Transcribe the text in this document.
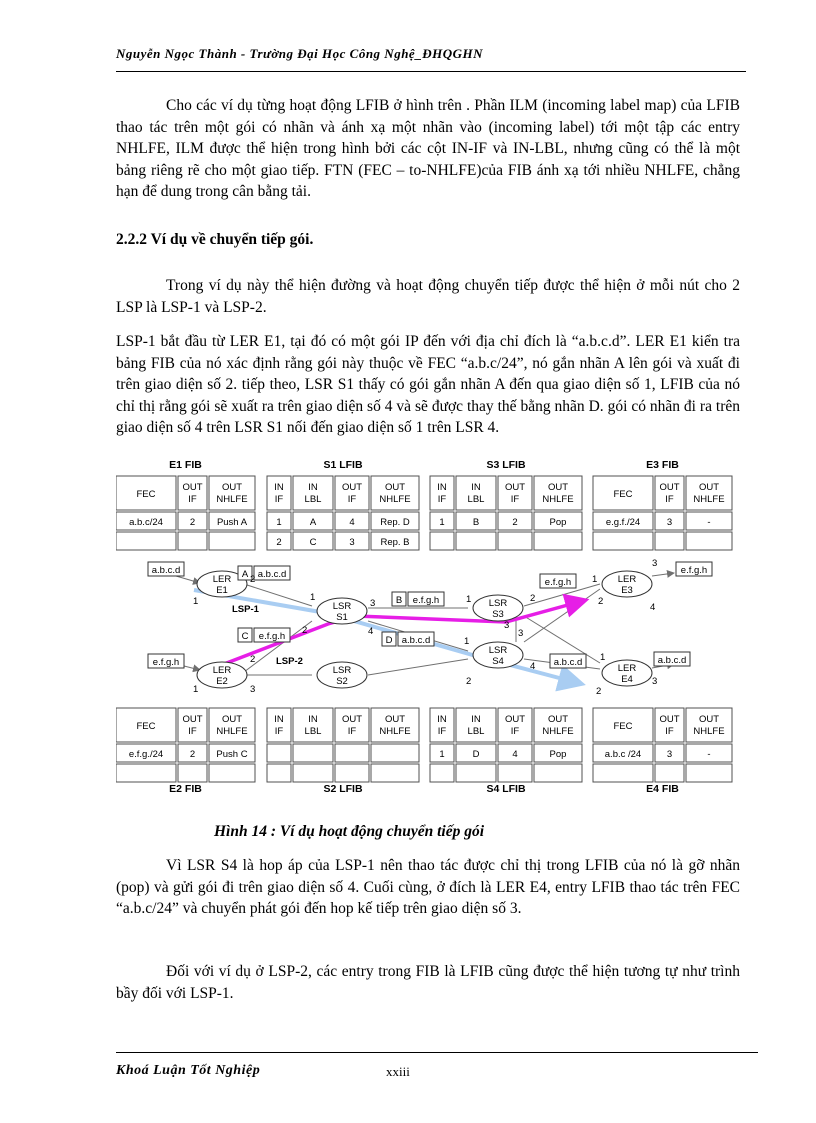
Nguyễn Ngọc Thành - Trường Đại Học Công Nghệ_ĐHQGHN
Cho các ví dụ từng hoạt động LFIB ở hình trên . Phần ILM (incoming label map) của LFIB thao tác trên một gói có nhãn và ánh xạ một nhãn vào (incoming label) tới một tập các entry NHLFE, ILM được thể hiện trong hình bởi các cột IN-IF và IN-LBL, nhưng cũng có thể là một bảng riêng rẽ cho một giao tiếp. FTN (FEC – to-NHLFE)của FIB ánh xạ tới nhiều NHLFE, chẳng hạn để dung trong cân bằng tải.
2.2.2 Ví dụ về chuyển tiếp gói.
Trong ví dụ này thể hiện đường và hoạt động chuyển tiếp được thể hiện ở mỗi nút cho 2 LSP là LSP-1 và LSP-2.
LSP-1 bắt đầu từ LER E1, tại đó có một gói IP đến với địa chỉ đích là “a.b.c.d”. LER E1 kiển tra bảng FIB của nó xác định rằng gói này thuộc về FEC “a.b.c/24”, nó gắn nhãn A lên gói và xuất đi trên giao diện số 2. tiếp theo, LSR S1 thấy có gói gắn nhãn A đến qua giao diện số 1, LFIB của nó chỉ thị rằng gói sẽ xuất ra trên giao diện số 4 và sẽ được thay thế bằng nhãn D. gói có nhãn đi ra trên giao diện số 4 trên LSR S1 nối đến giao diện số 1 trên LSR 4.
E1 FIB
FEC
a.b.c/24
OUT
IF
2
OUT
NHLFE
Push A
S1 LFIB
IN
IF
1
2
IN
LBL
A
C
OUT
IF
4
3
OUT
NHLFE
Rep. D
Rep. B
S3 LFIB
IN
IF
1
IN
LBL
B
OUT
IF
2
OUT
NHLFE
Pop
E3 FIB
FEC
e.g.f./24
OUT
IF
3
OUT
NHLFE
-
E2 FIB
FEC
e.f.g./24
OUT
IF
2
OUT
NHLFE
Push C
S2 LFIB
IN
IF
IN
LBL
OUT
IF
OUT
NHLFE
S4 LFIB
IN
IF
1
IN
LBL
D
OUT
IF
4
OUT
NHLFE
Pop
E4 FIB
FEC
a.b.c /24
OUT
IF
3
OUT
NHLFE
-
LER
E1
LER
E2
LSR
S1
LSR
S2
LSR
S3
LSR
S4
LER
E3
LER
E4
a.b.c.d
e.f.g.h
A a.b.c.d
C e.f.g.h
B e.f.g.h
D a.b.c.d
e.f.g.h
a.b.c.d
e.f.g.h
a.b.c.d
LSP-1
LSP-2
1
2
1
2
3
1
2
3
4
1	2
3
1
2
3
4
1
2
3
4
1
2
3
Hình 14 : Ví dụ hoạt động chuyển tiếp gói
Vì LSR S4 là hop áp của LSP-1 nên thao tác được chỉ thị trong LFIB của nó là gỡ nhãn (pop) và gửi gói đi trên giao diện số 4. Cuối cùng, ở đích là LER E4, entry LFIB thao tác trên FEC “a.b.c/24” và chuyển phát gói đến hop kế tiếp trên giao diện số 3.
Đối với ví dụ ở LSP-2, các entry trong FIB là LFIB cũng được thể hiện tương tự như trình bầy đối với LSP-1.
Khoá Luận Tốt Nghiệp	xxiii
